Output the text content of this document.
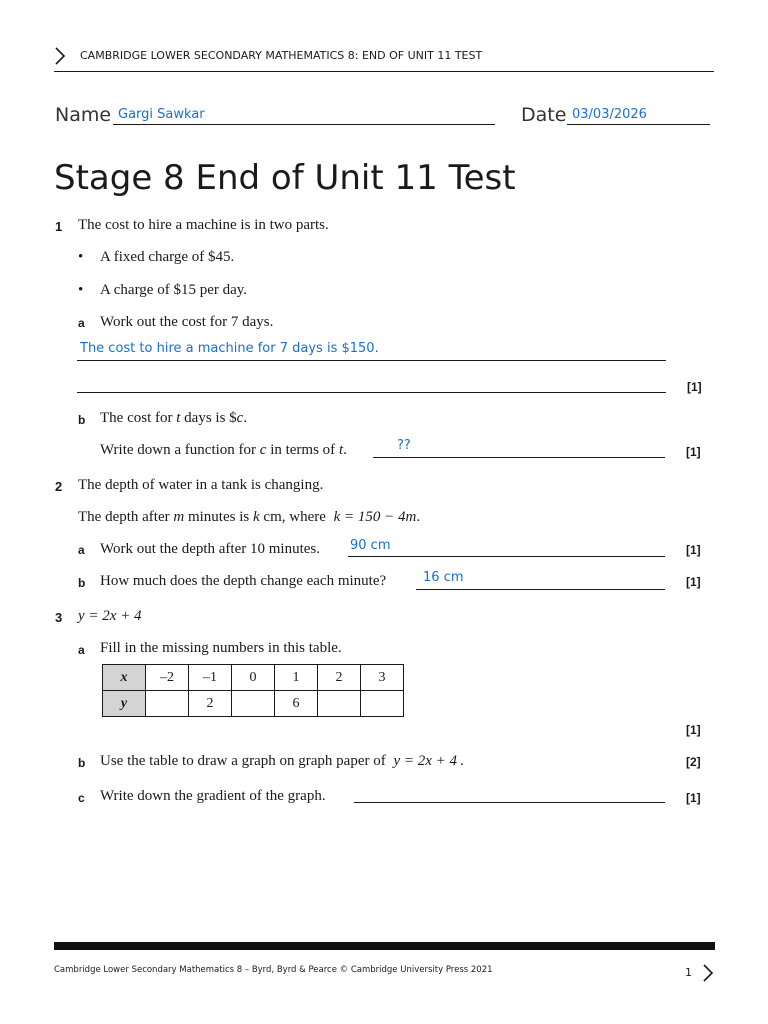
CAMBRIDGE LOWER SECONDARY MATHEMATICS 8: END OF UNIT 11 TEST
Name Gargi Sawkar	Date 03/03/2026
Stage 8 End of Unit 11 Test
1 The cost to hire a machine is in two parts.
• A fixed charge of $45.
• A charge of $15 per day.
a Work out the cost for 7 days.
The cost to hire a machine for 7 days is $150.
[1]
b The cost for t days is $c.
Write down a function for c in terms of t.	??	[1]
2 The depth of water in a tank is changing.
The depth after m minutes is k cm, where k = 150 − 4m.
a Work out the depth after 10 minutes. 90 cm	[1]
b How much does the depth change each minute?	16 cm	[1]
3 y = 2x + 4
a Fill in the missing numbers in this table.
x	–2	–1	0	1	2	3
y		2		6		
[1]
b Use the table to draw a graph on graph paper of y = 2x + 4 .	[2]
c Write down the gradient of the graph.	[1]
Cambridge Lower Secondary Mathematics 8 – Byrd, Byrd & Pearce © Cambridge University Press 2021	1
